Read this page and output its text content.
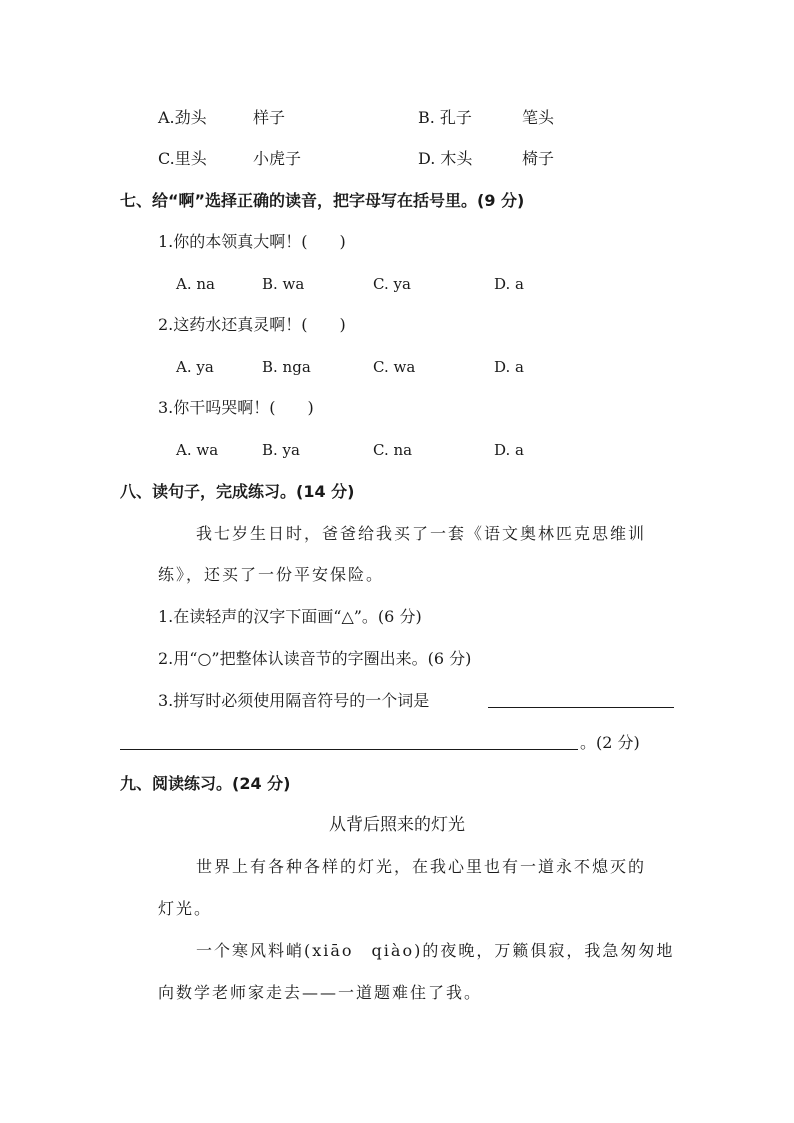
A.劲头	样子	B. 孔子	笔头
C.里头	小虎子	D. 木头	椅子
七、给“啊”选择正确的读音，把字母写在括号里。(9 分)
1.你的本领真大啊！(　　)
A. na	B. wa	C. ya	D. a
2.这药水还真灵啊！(　　)
A. ya	B. nga	C. wa	D. a
3.你干吗哭啊！(　　)
A. wa	B. ya	C. na	D. a
八、读句子，完成练习。(14 分)
我七岁生日时，爸爸给我买了一套《语文奥林匹克思维训
练》，还买了一份平安保险。
1.在读轻声的汉字下面画“△”。(6 分)
2.用“○”把整体认读音节的字圈出来。(6 分)
3.拼写时必须使用隔音符号的一个词是
。(2 分)
九、阅读练习。(24 分)
从背后照来的灯光
世界上有各种各样的灯光，在我心里也有一道永不熄灭的
灯光。
一个寒风料峭(xiāo　qiào)的夜晚，万籁俱寂，我急匆匆地
向数学老师家走去——一道题难住了我。
